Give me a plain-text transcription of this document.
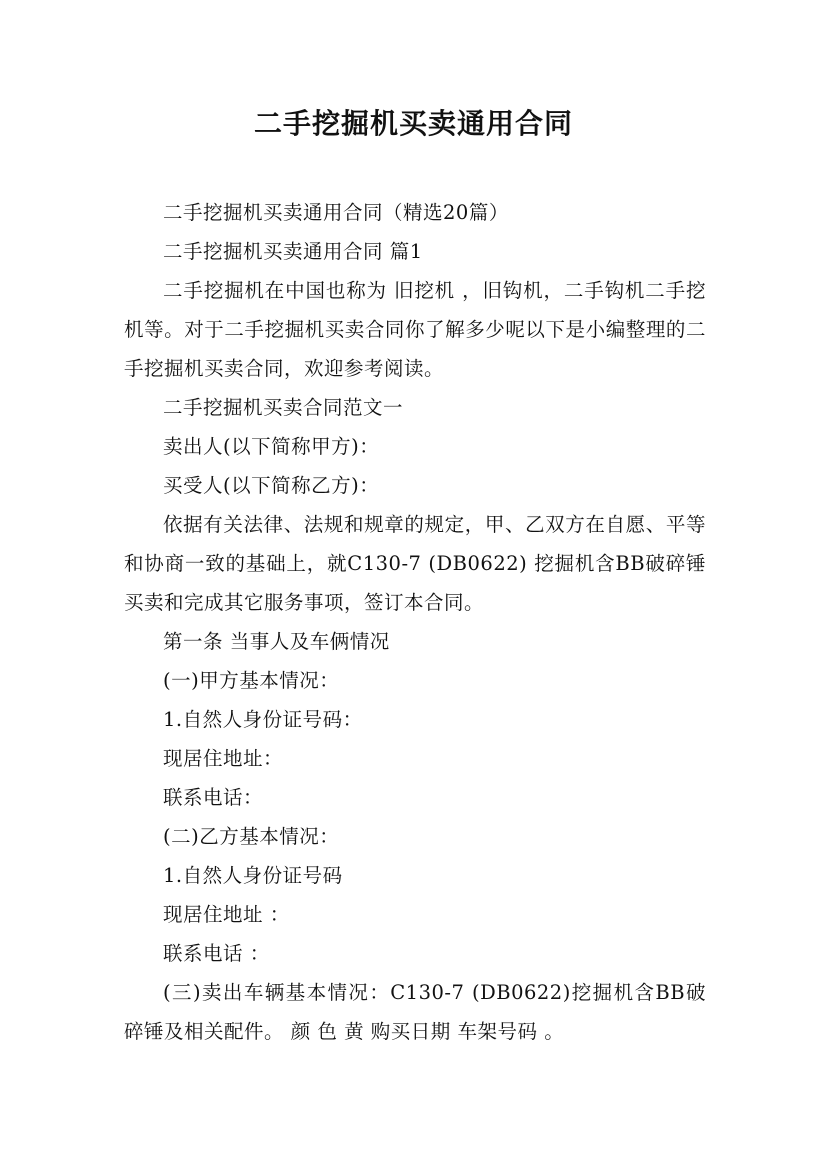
二手挖掘机买卖通用合同

二手挖掘机买卖通用合同（精选20篇）

二手挖掘机买卖通用合同 篇1

二手挖掘机在中国也称为 旧挖机 ，旧钩机，二手钩机二手挖机等。对于二手挖掘机买卖合同你了解多少呢以下是小编整理的二手挖掘机买卖合同，欢迎参考阅读。

二手挖掘机买卖合同范文一

卖出人(以下简称甲方)：

买受人(以下简称乙方)：

依据有关法律、法规和规章的规定，甲、乙双方在自愿、平等和协商一致的基础上，就C130-7 (DB0622) 挖掘机含BB破碎锤买卖和完成其它服务事项，签订本合同。

第一条 当事人及车俩情况

(一)甲方基本情况：

1.自然人身份证号码：

现居住地址：

联系电话：

(二)乙方基本情况：

1.自然人身份证号码

现居住地址 ：

联系电话 ：

(三)卖出车辆基本情况：C130-7 (DB0622)挖掘机含BB破碎锤及相关配件。 颜 色 黄 购买日期 车架号码 。
